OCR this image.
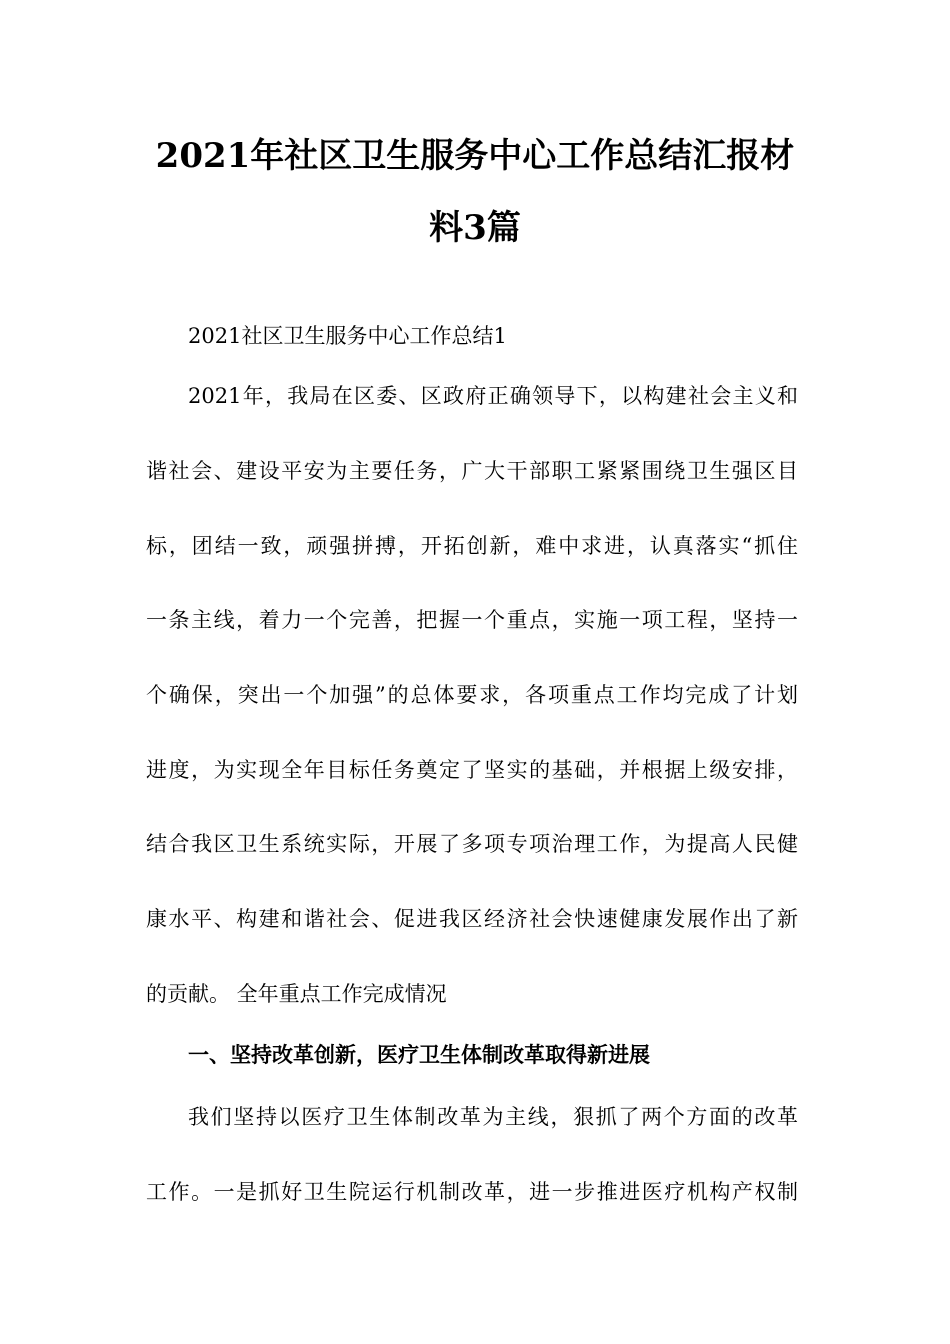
2021年社区卫生服务中心工作总结汇报材
料3篇
2021社区卫生服务中心工作总结1
2021年，我局在区委、区政府正确领导下，以构建社会主义和
谐社会、建设平安为主要任务，广大干部职工紧紧围绕卫生强区目
标，团结一致，顽强拼搏，开拓创新，难中求进，认真落实“抓住
一条主线，着力一个完善，把握一个重点，实施一项工程，坚持一
个确保，突出一个加强”的总体要求，各项重点工作均完成了计划
进度，为实现全年目标任务奠定了坚实的基础，并根据上级安排，
结合我区卫生系统实际，开展了多项专项治理工作，为提高人民健
康水平、构建和谐社会、促进我区经济社会快速健康发展作出了新
的贡献。 全年重点工作完成情况
一、坚持改革创新，医疗卫生体制改革取得新进展
我们坚持以医疗卫生体制改革为主线，狠抓了两个方面的改革
工作。一是抓好卫生院运行机制改革，进一步推进医疗机构产权制
